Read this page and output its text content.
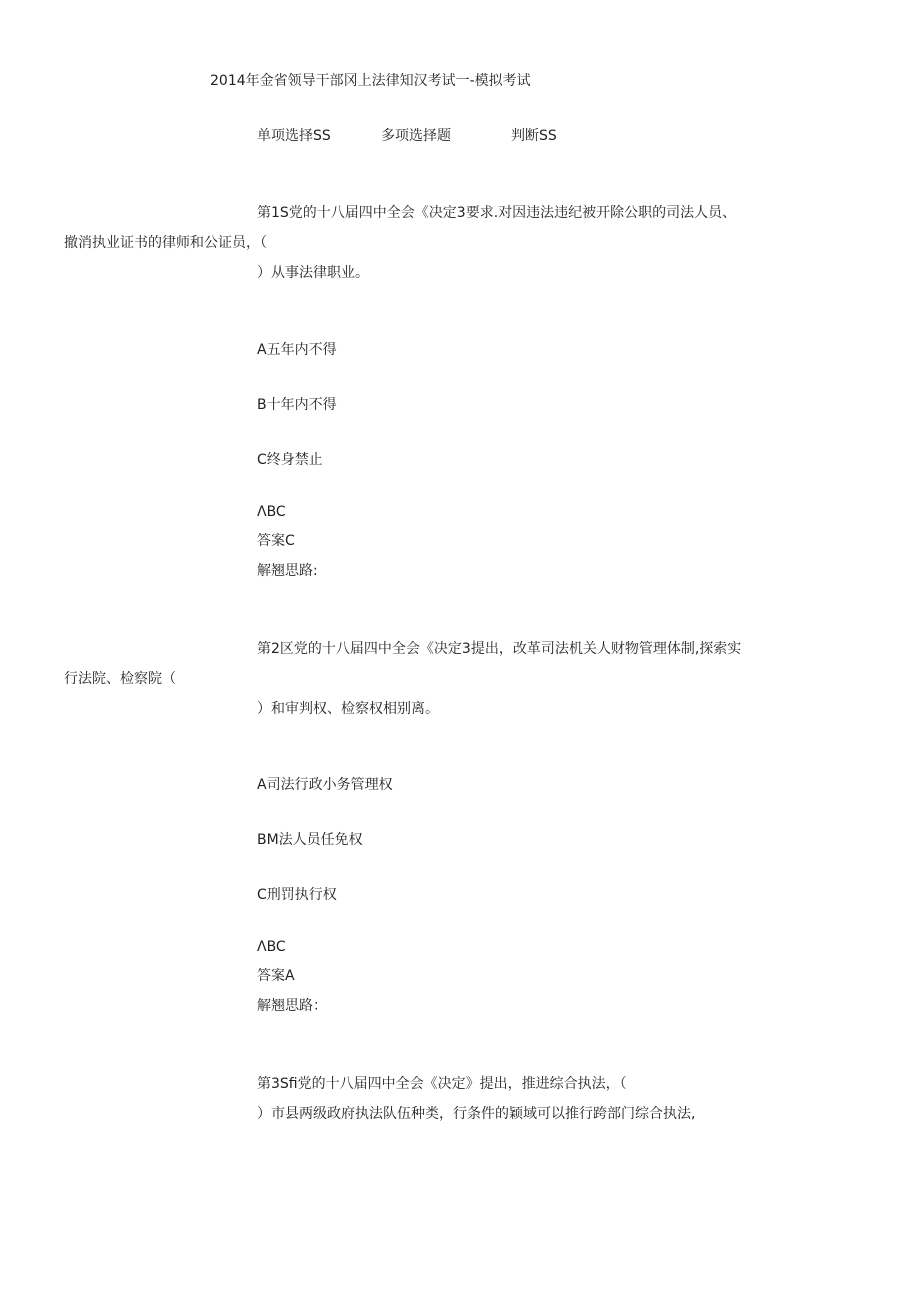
2014年金省领导干部冈上法律知汉考试一-模拟考试
单项选择SS	多项选择题	判断SS
第1S党的十八届四中全会《决定3要求.对因违法违纪被开除公职的司法人员、
撤消执业证书的律师和公证员，（
）从事法律职业。
A五年内不得
B十年内不得
C终身禁止
ΛBC
答案C
解翘思路:
第2区党的十八届四中全会《决定3提出，改革司法机关人财物管理体制,探索实
行法院、检察院（
）和审判权、检察权相别离。
A司法行政小务管理权
BM法人员任免权
C刑罚执行权
ΛBC
答案A
解翘思路：
第3Sfi党的十八届四中全会《决定》提出，推进综合执法，（
）市县两级政府执法队伍种类，行条件的颖域可以推行跨部门综合执法,
